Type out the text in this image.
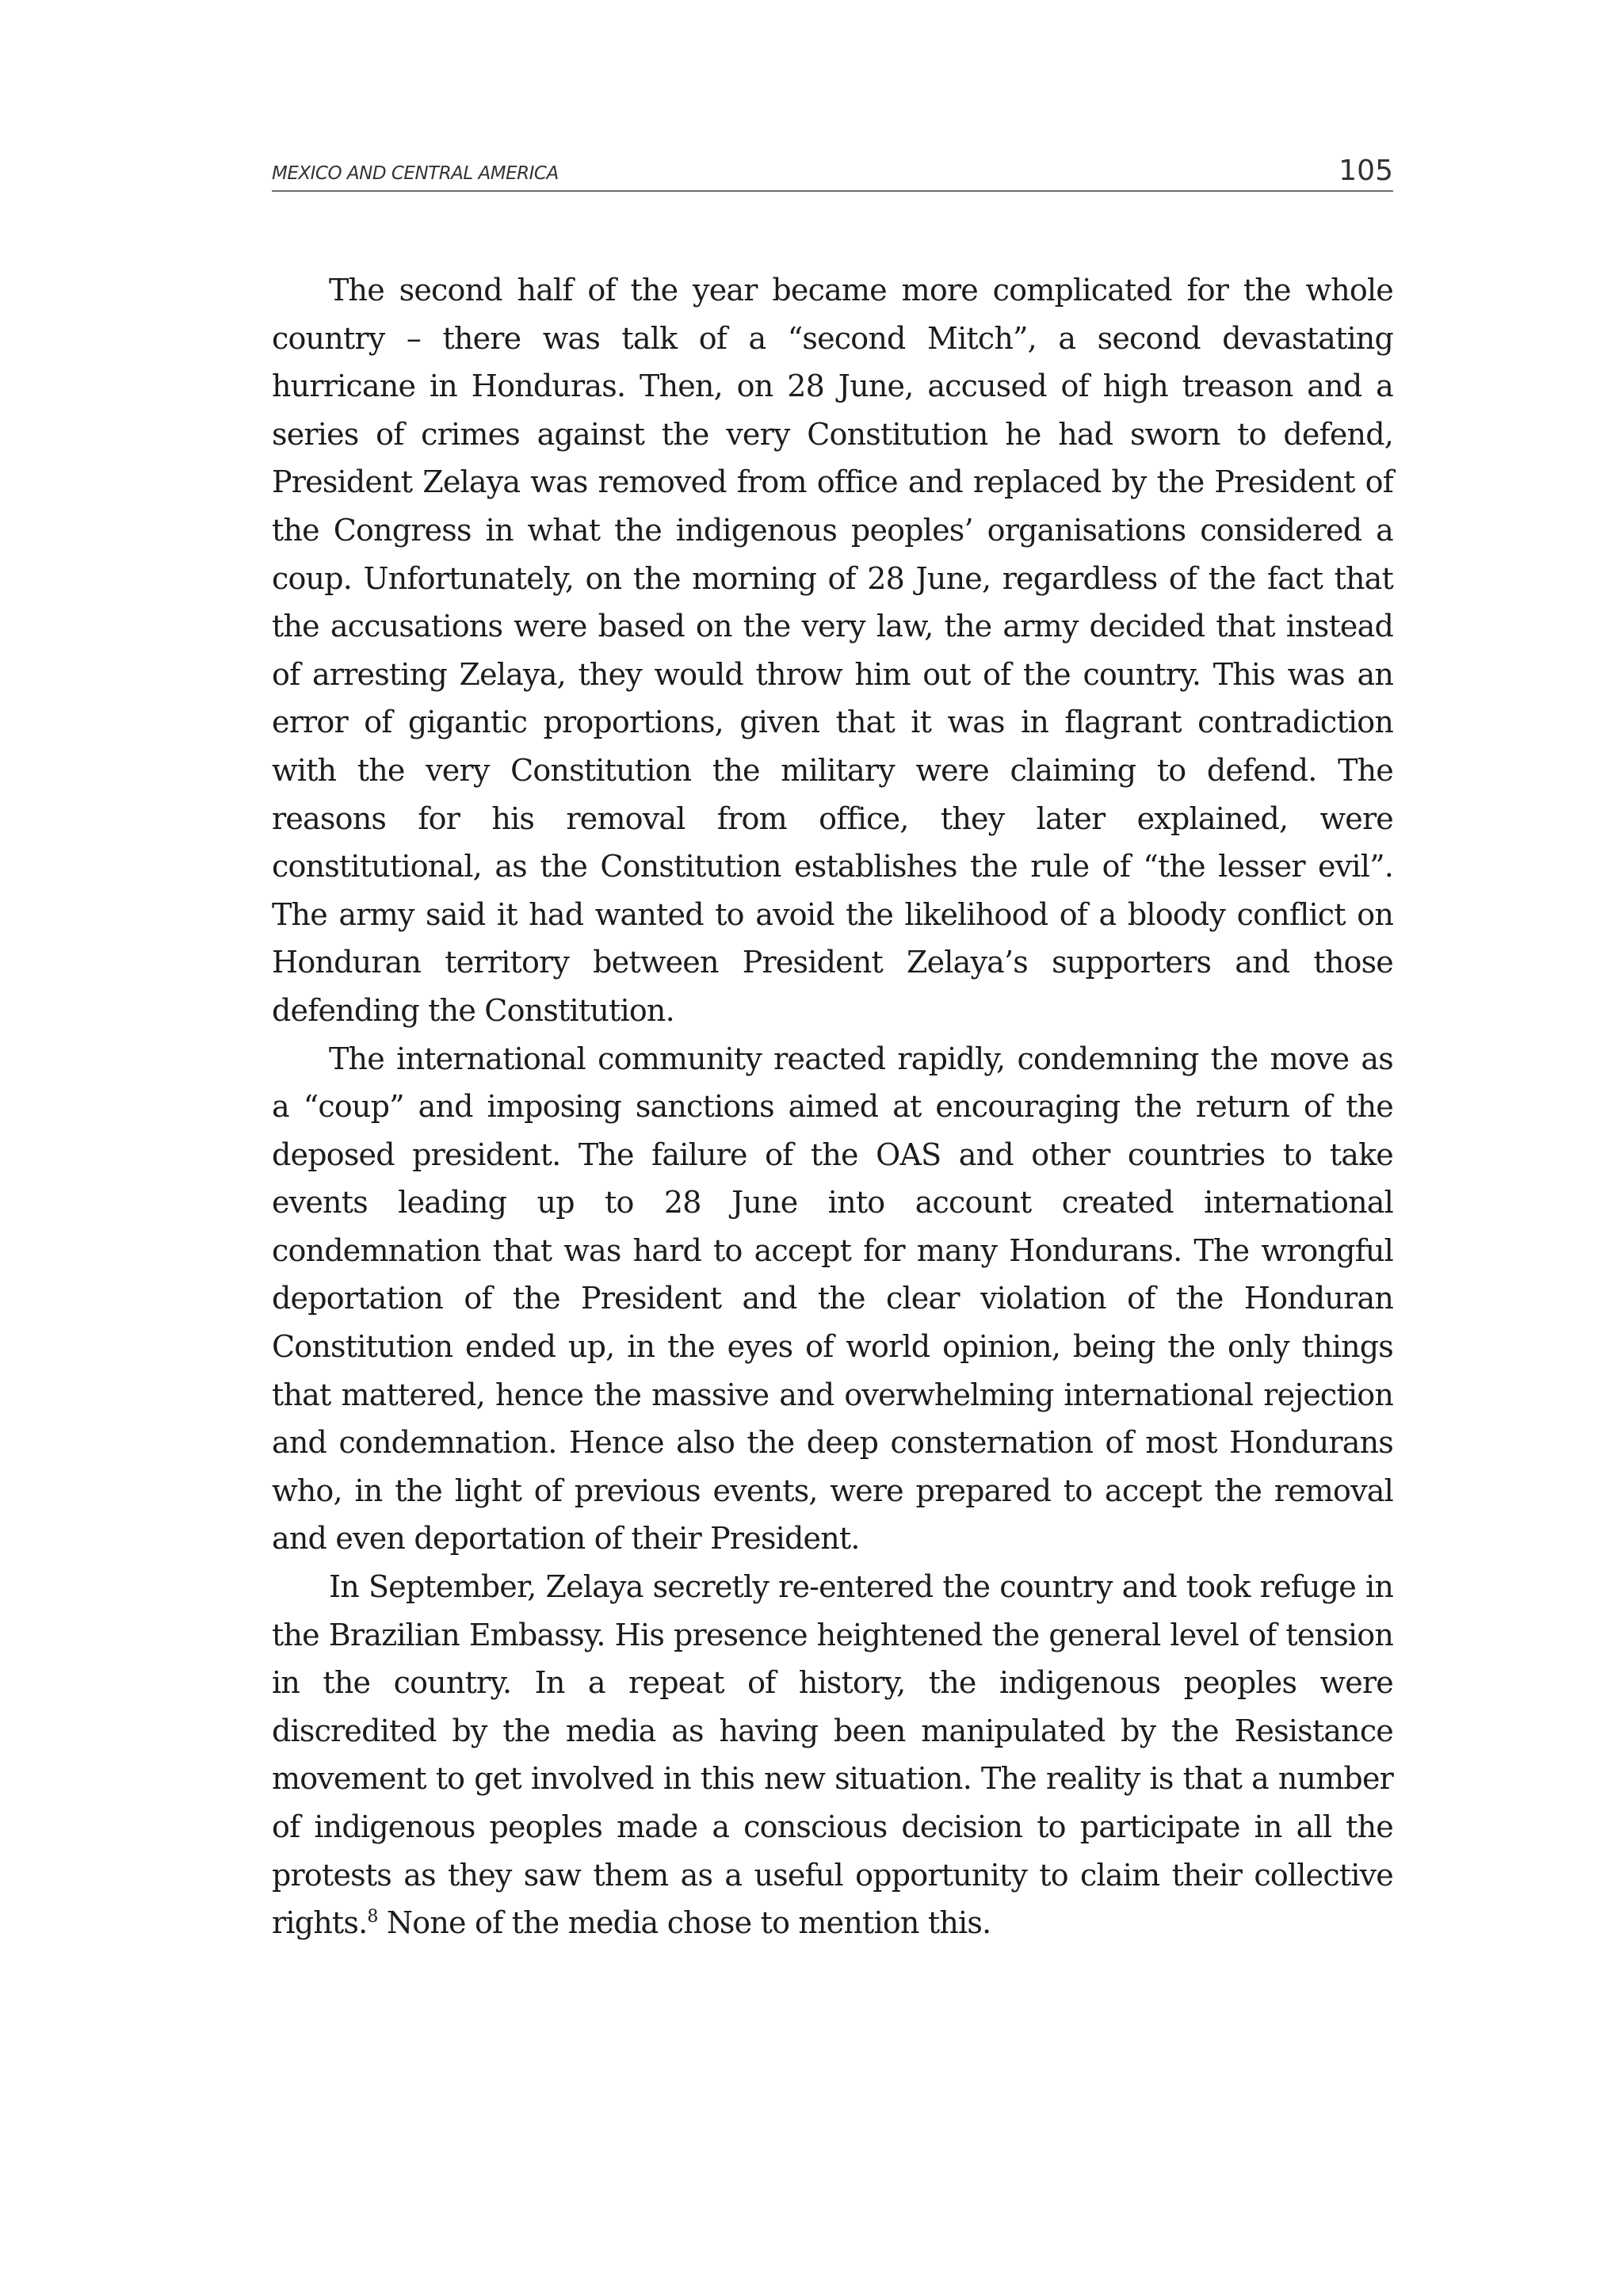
MEXICO AND CENTRAL AMERICA	105

The second half of the year became more complicated for the whole country – there was talk of a “second Mitch”, a second devastating hurricane in Honduras. Then, on 28 June, accused of high treason and a series of crimes against the very Constitution he had sworn to defend, President Zelaya was removed from office and replaced by the President of the Congress in what the indigenous peoples’ organisations considered a coup. Unfortunately, on the morning of 28 June, regardless of the fact that the accusations were based on the very law, the army decided that instead of arresting Zelaya, they would throw him out of the country. This was an error of gigantic proportions, given that it was in flagrant contradiction with the very Constitution the military were claiming to defend. The reasons for his removal from office, they later explained, were constitutional, as the Constitution establishes the rule of “the lesser evil”. The army said it had wanted to avoid the likelihood of a bloody conflict on Honduran territory between President Zelaya’s supporters and those defending the Constitution.

The international community reacted rapidly, condemning the move as a “coup” and imposing sanctions aimed at encouraging the return of the deposed president. The failure of the OAS and other countries to take events leading up to 28 June into account created international condemnation that was hard to accept for many Hondurans. The wrongful deportation of the President and the clear violation of the Honduran Constitution ended up, in the eyes of world opinion, being the only things that mattered, hence the massive and overwhelming international rejection and condemnation. Hence also the deep consternation of most Hondurans who, in the light of previous events, were prepared to accept the removal and even deportation of their President.

In September, Zelaya secretly re-entered the country and took refuge in the Brazilian Embassy. His presence heightened the general level of tension in the country. In a repeat of history, the indigenous peoples were discredited by the media as having been manipulated by the Resistance movement to get involved in this new situation. The reality is that a number of indigenous peoples made a conscious decision to participate in all the protests as they saw them as a useful opportunity to claim their collective rights.$^8$ None of the media chose to mention this.
